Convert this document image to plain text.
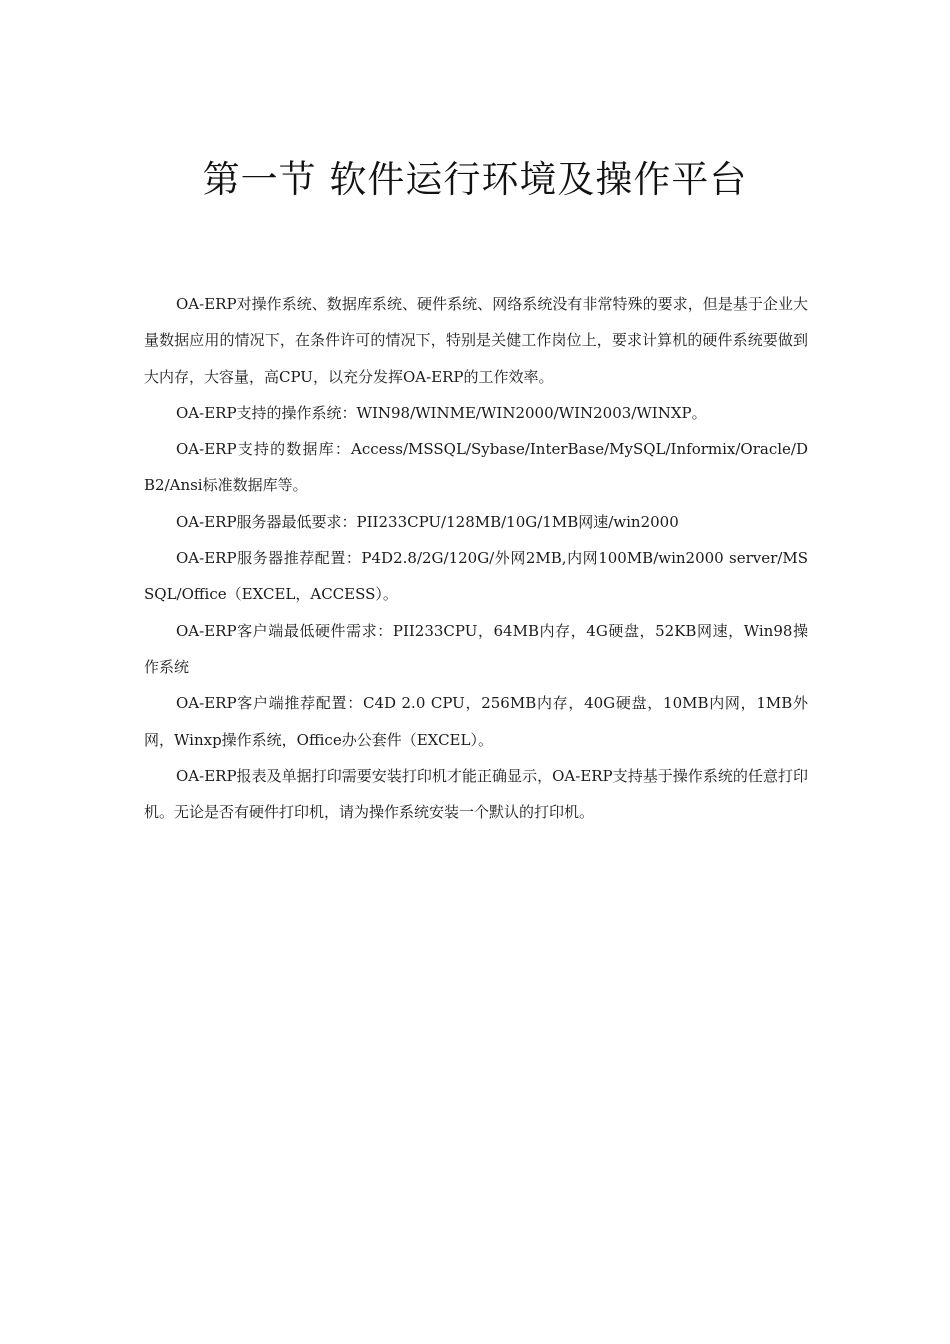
第一节 软件运行环境及操作平台

OA-ERP对操作系统、数据库系统、硬件系统、网络系统没有非常特殊的要求，但是基于企业大量数据应用的情况下，在条件许可的情况下，特别是关健工作岗位上，要求计算机的硬件系统要做到大内存，大容量，高CPU，以充分发挥OA-ERP的工作效率。

OA-ERP支持的操作系统：WIN98/WINME/WIN2000/WIN2003/WINXP。

OA-ERP支持的数据库：Access/MSSQL/Sybase/InterBase/MySQL/Informix/Oracle/DB2/Ansi标准数据库等。

OA-ERP服务器最低要求：PII233CPU/128MB/10G/1MB网速/win2000

OA-ERP服务器推荐配置：P4D2.8/2G/120G/外网2MB,内网100MB/win2000 server/MSSQL/Office（EXCEL，ACCESS）。

OA-ERP客户端最低硬件需求：PII233CPU，64MB内存，4G硬盘，52KB网速，Win98操作系统

OA-ERP客户端推荐配置：C4D 2.0 CPU，256MB内存，40G硬盘，10MB内网，1MB外网，Winxp操作系统，Office办公套件（EXCEL）。

OA-ERP报表及单据打印需要安装打印机才能正确显示，OA-ERP支持基于操作系统的任意打印机。无论是否有硬件打印机，请为操作系统安装一个默认的打印机。
